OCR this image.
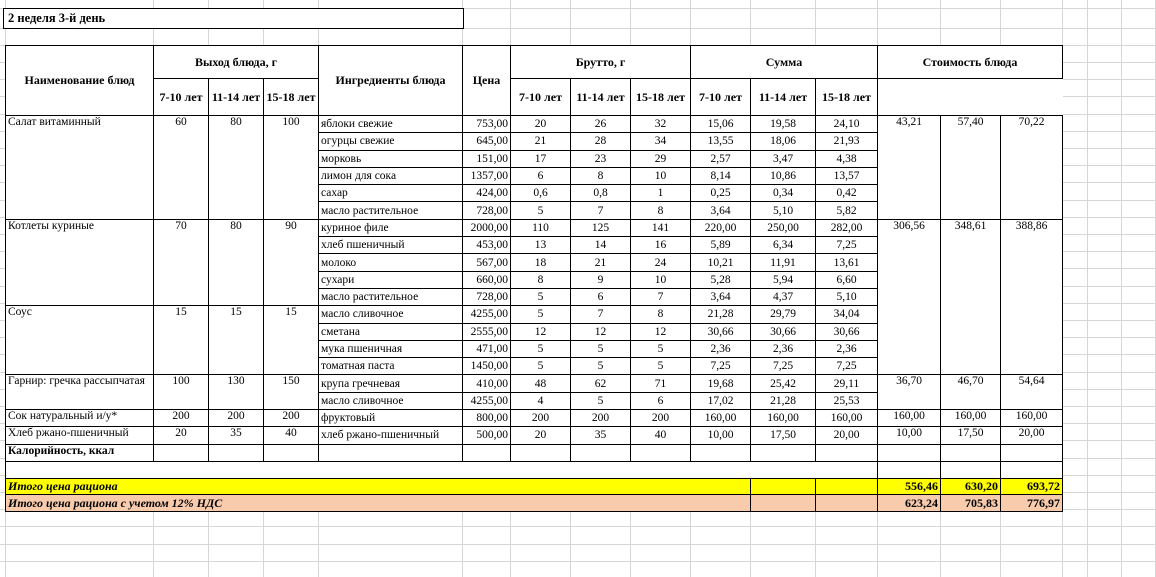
2 неделя 3-й день
Наименование блюд	Выход блюда, г			Ингредиенты блюда	Цена	Брутто, г			Сумма			Стоимость блюда		
	7-10 лет	11-14 лет	15-18 лет			7-10 лет	11-14 лет	15-18 лет	7-10 лет	11-14 лет	15-18 лет			
Салат витаминный	60	80	100	яблоки свежие	753,00	20	26	32	15,06	19,58	24,10	43,21	57,40	70,22
				огурцы свежие	645,00	21	28	34	13,55	18,06	21,93			
				морковь	151,00	17	23	29	2,57	3,47	4,38			
				лимон для сока	1357,00	6	8	10	8,14	10,86	13,57			
				сахар	424,00	0,6	0,8	1	0,25	0,34	0,42			
				масло растительное	728,00	5	7	8	3,64	5,10	5,82			
Котлеты куриные	70	80	90	куриное филе	2000,00	110	125	141	220,00	250,00	282,00	306,56	348,61	388,86
				хлеб пшеничный	453,00	13	14	16	5,89	6,34	7,25			
				молоко	567,00	18	21	24	10,21	11,91	13,61			
				сухари	660,00	8	9	10	5,28	5,94	6,60			
				масло растительное	728,00	5	6	7	3,64	4,37	5,10			
Соус	15	15	15	масло сливочное	4255,00	5	7	8	21,28	29,79	34,04			
				сметана	2555,00	12	12	12	30,66	30,66	30,66			
				мука пшеничная	471,00	5	5	5	2,36	2,36	2,36			
				томатная паста	1450,00	5	5	5	7,25	7,25	7,25			
Гарнир: гречка рассыпчатая	100	130	150	крупа гречневая	410,00	48	62	71	19,68	25,42	29,11	36,70	46,70	54,64
				масло сливочное	4255,00	4	5	6	17,02	21,28	25,53			
Сок натуральный и/у*	200	200	200	фруктовый	800,00	200	200	200	160,00	160,00	160,00	160,00	160,00	160,00
Хлеб ржано-пшеничный	20	35	40	хлеб ржано-пшеничный	500,00	20	35	40	10,00	17,50	20,00	10,00	17,50	20,00
Калорийность, ккал														

Итого цена рациона												556,46	630,20	693,72
Итого цена рациона с учетом 12% НДС												623,24	705,83	776,97
